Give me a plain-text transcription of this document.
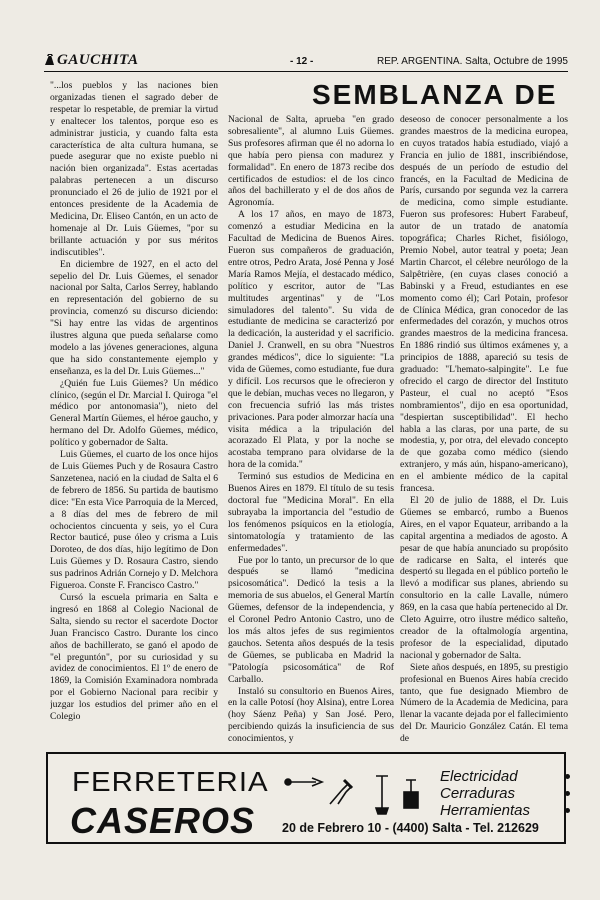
GAUCHITA	- 12 -	REP. ARGENTINA. Salta, Octubre de 1995
SEMBLANZA DE

"...los pueblos y las naciones bien organizadas tienen el sagrado deber de respetar lo respetable, de premiar la virtud y enaltecer los talentos, porque eso es administrar justicia, y cuando falta esta característica de alta cultura humana, se puede asegurar que no existe pueblo ni nación bien organizada". Estas acertadas palabras pertenecen a un discurso pronunciado el 26 de julio de 1921 por el entonces presidente de la Academia de Medicina, Dr. Eliseo Cantón, en un acto de homenaje al Dr. Luis Güemes, "por su brillante actuación y por sus méritos indiscutibles".

En diciembre de 1927, en el acto del sepelio del Dr. Luis Güemes, el senador nacional por Salta, Carlos Serrey, hablando en representación del gobierno de su provincia, comenzó su discurso diciendo: "Si hay entre las vidas de argentinos ilustres alguna que pueda señalarse como modelo a las jóvenes generaciones, alguna que ha sido constantemente ejemplo y enseñanza, es la del Dr. Luis Güemes..."

¿Quién fue Luis Güemes? Un médico clínico, (según el Dr. Marcial I. Quiroga "el médico por antonomasia"), nieto del General Martín Güemes, el héroe gaucho, y hermano del Dr. Adolfo Güemes, médico, político y gobernador de Salta.

Luis Güemes, el cuarto de los once hijos de Luis Güemes Puch y de Rosaura Castro Sanzetenea, nació en la ciudad de Salta el 6 de febrero de 1856. Su partida de bautismo dice: "En esta Vice Parroquia de la Merced, a 8 días del mes de febrero de mil ochocientos cincuenta y seis, yo el Cura Rector bauticé, puse óleo y crisma a Luis Doroteo, de dos días, hijo legítimo de Don Luis Güemes y D. Rosaura Castro, siendo sus padrinos Adrián Cornejo y D. Melchora Figueroa. Conste F. Francisco Castro."

Cursó la escuela primaria en Salta e ingresó en 1868 al Colegio Nacional de Salta, siendo su rector el sacerdote Doctor Juan Francisco Castro. Durante los cinco años de bachillerato, se ganó el apodo de "el preguntón", por su curiosidad y su avidez de conocimientos. El 1º de enero de 1869, la Comisión Examinadora nombrada por el Gobierno Nacional para recibir y juzgar los estudios del primer año en el Colegio

Nacional de Salta, aprueba "en grado sobresaliente", al alumno Luis Güemes. Sus profesores afirman que él no adorna lo que había pero piensa con madurez y formalidad". En enero de 1873 recibe dos certificados de estudios: el de los cinco años del bachillerato y el de dos años de Agronomía.

A los 17 años, en mayo de 1873, comenzó a estudiar Medicina en la Facultad de Medicina de Buenos Aires. Fueron sus compañeros de graduación, entre otros, Pedro Arata, José Penna y José María Ramos Mejía, el destacado médico, político y escritor, autor de "Las multitudes argentinas" y de "Los simuladores del talento". Su vida de estudiante de medicina se caracterizó por la dedicación, la austeridad y el sacrificio. Daniel J. Cranwell, en su obra "Nuestros grandes médicos", dice lo siguiente: "La vida de Güemes, como estudiante, fue dura y difícil. Los recursos que le ofrecieron y que le debían, muchas veces no llegaron, y con frecuencia sufrió las más tristes privaciones. Para poder almorzar hacía una visita médica a la tripulación del acorazado El Plata, y por la noche se acostaba temprano para olvidarse de la hora de la comida."

Terminó sus estudios de Medicina en Buenos Aires en 1879. El título de su tesis doctoral fue "Medicina Moral". En ella subrayaba la importancia del "estudio de los fenómenos psíquicos en la etiología, sintomatología y tratamiento de las enfermedades".

Fue por lo tanto, un precursor de lo que después se llamó "medicina psicosomática". Dedicó la tesis a la memoria de sus abuelos, el General Martín Güemes, defensor de la independencia, y el Coronel Pedro Antonio Castro, uno de los más altos jefes de sus regimientos gauchos. Setenta años después de la tesis de Güemes, se publicaba en Madrid la "Patología psicosomática" de Rof Carballo.

Instaló su consultorio en Buenos Aires, en la calle Potosí (hoy Alsina), entre Lorea (hoy Sáenz Peña) y San José. Pero, percibiendo quizás la insuficiencia de sus conocimientos, y

deseoso de conocer personalmente a los grandes maestros de la medicina europea, en cuyos tratados había estudiado, viajó a Francia en julio de 1881, inscribiéndose, después de un período de estudio del francés, en la Facultad de Medicina de París, cursando por segunda vez la carrera de medicina, como simple estudiante. Fueron sus profesores: Hubert Farabeuf, autor de un tratado de anatomía topográfica; Charles Richet, fisiólogo, Premio Nobel, autor teatral y poeta; Jean Martin Charcot, el célebre neurólogo de la Salpêtrière, (en cuyas clases conoció a Babinski y a Freud, estudiantes en ese momento como él); Carl Potain, profesor de Clínica Médica, gran conocedor de las enfermedades del corazón, y muchos otros grandes maestros de la medicina francesa. En 1886 rindió sus últimos exámenes y, a principios de 1888, apareció su tesis de graduado: "L'hemato-salpingite". Le fue ofrecido el cargo de director del Instituto Pasteur, el cual no aceptó "Esos nombramientos", dijo en esa oportunidad, "despiertan susceptibilidad". El hecho habla a las claras, por una parte, de su modestia, y, por otra, del elevado concepto de que gozaba como médico (siendo extranjero, y más aún, hispano-americano), en el ambiente médico de la capital francesa.

El 20 de julio de 1888, el Dr. Luis Güemes se embarcó, rumbo a Buenos Aires, en el vapor Equateur, arribando a la capital argentina a mediados de agosto. A pesar de que había anunciado su propósito de radicarse en Salta, el interés que despertó su llegada en el público porteño le llevó a modificar sus planes, abriendo su consultorio en la calle Lavalle, número 869, en la casa que había pertenecido al Dr. Cleto Aguirre, otro ilustre médico salteño, creador de la oftalmología argentina, profesor de la especialidad, diputado nacional y gobernador de Salta.

Siete años después, en 1895, su prestigio profesional en Buenos Aires había crecido tanto, que fue designado Miembro de Número de la Academia de Medicina, para llenar la vacante dejada por el fallecimiento del Dr. Mauricio González Catán. El tema de

FERRETERIA
CASEROS
Electricidad
Cerraduras
Herramientas
20 de Febrero 10 - (4400) Salta - Tel. 212629
